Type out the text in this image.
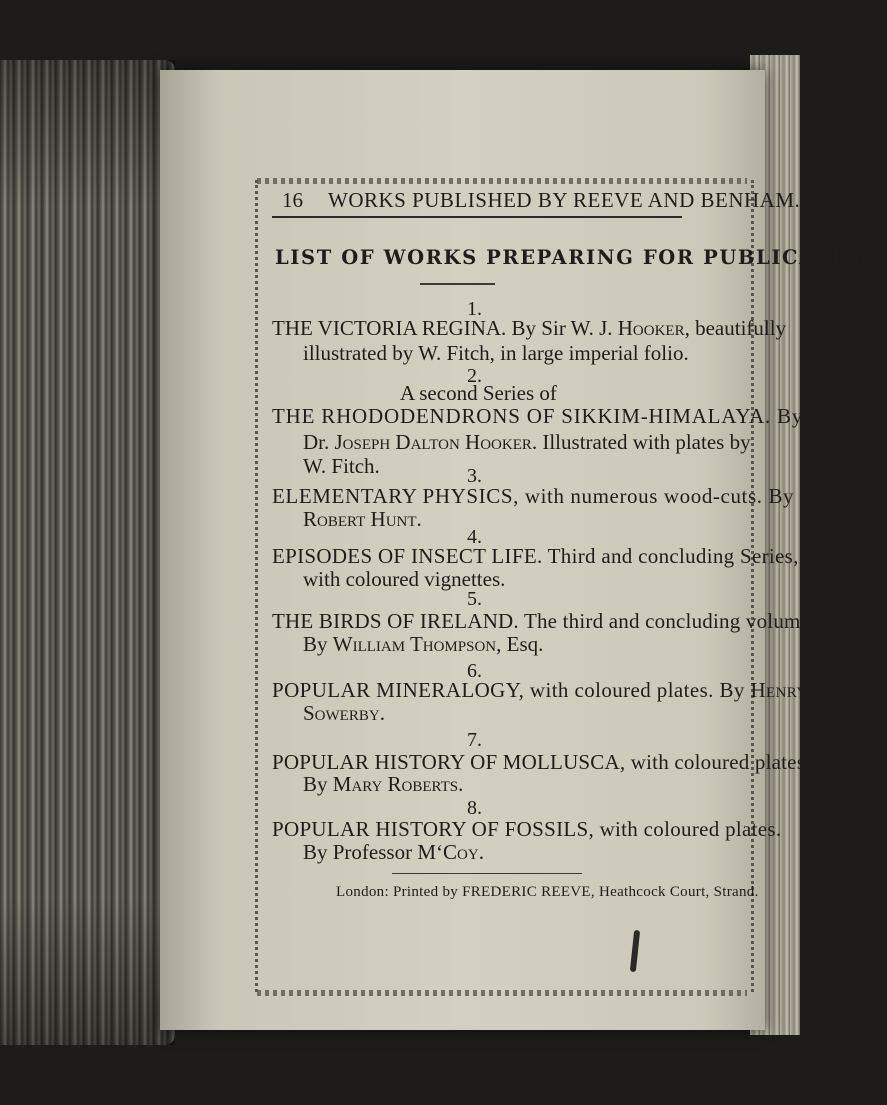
16 WORKS PUBLISHED BY REEVE AND BENHAM.
LIST OF WORKS PREPARING FOR PUBLICATION.
1.
THE VICTORIA REGINA. By Sir W. J. Hooker, beautifully
illustrated by W. Fitch, in large imperial folio.
2.
A second Series of
THE RHODODENDRONS OF SIKKIM-HIMALAYA. By
Dr. Joseph Dalton Hooker. Illustrated with plates by
W. Fitch.	3.
ELEMENTARY PHYSICS, with numerous wood-cuts. By
Robert Hunt.
4.
EPISODES OF INSECT LIFE. Third and concluding Series,
with coloured vignettes.
5.
THE BIRDS OF IRELAND. The third and concluding volume.
By William Thompson, Esq.
6.
POPULAR MINERALOGY, with coloured plates. By Henry
Sowerby.
7.
POPULAR HISTORY OF MOLLUSCA, with coloured plates.
By Mary Roberts.
8.
POPULAR HISTORY OF FOSSILS, with coloured plates.
By Professor M‘Coy.
London: Printed by FREDERIC REEVE, Heathcock Court, Strand.
